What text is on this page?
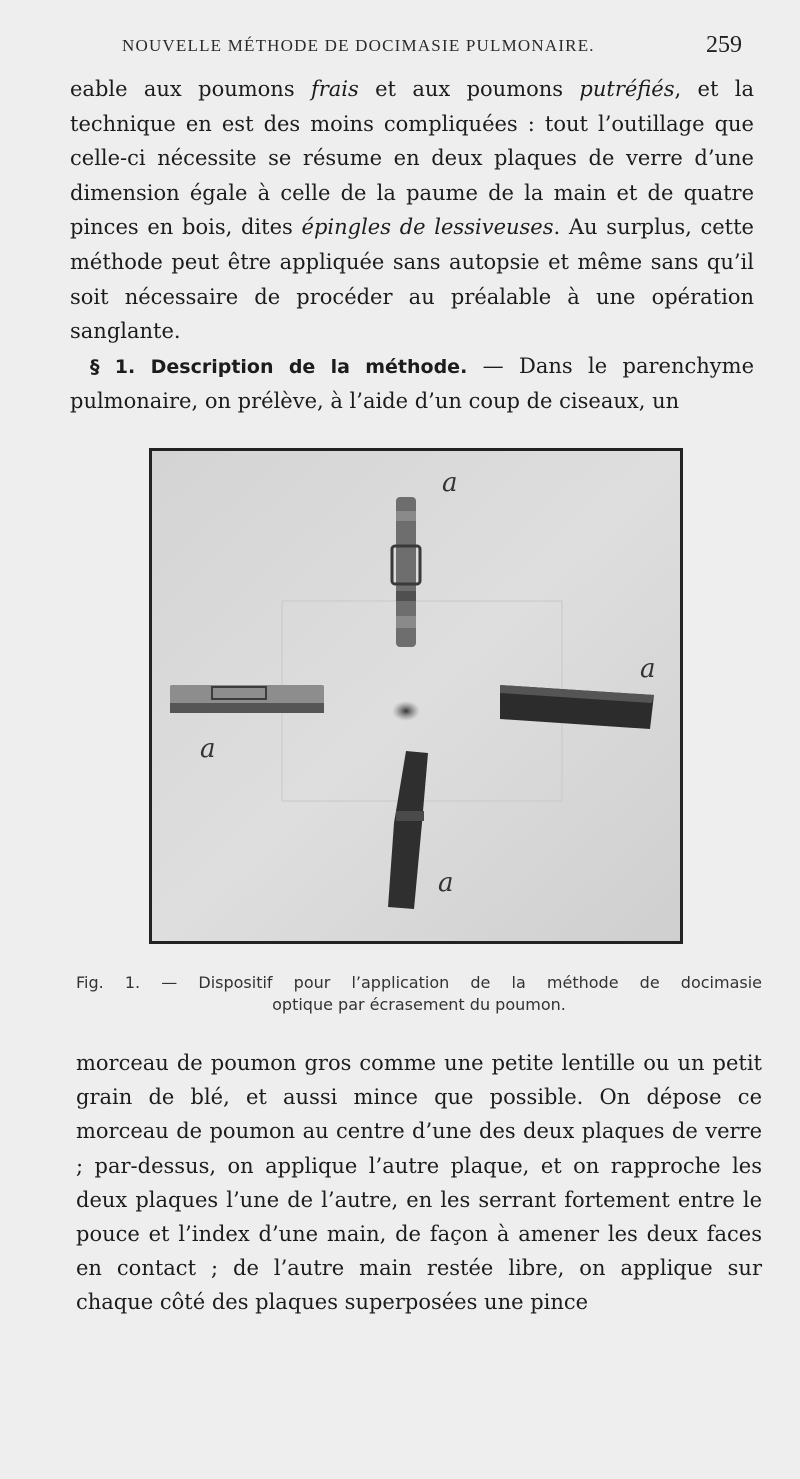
NOUVELLE MÉTHODE DE DOCIMASIE PULMONAIRE.	259

eable aux poumons frais et aux poumons putréfiés, et la technique en est des moins compliquées : tout l’outillage que celle-ci nécessite se résume en deux plaques de verre d’une dimension égale à celle de la paume de la main et de quatre pinces en bois, dites épingles de lessiveuses. Au surplus, cette méthode peut être appliquée sans autopsie et même sans qu’il soit nécessaire de procéder au préalable à une opération sanglante.

§ 1. Description de la méthode. — Dans le parenchyme pulmonaire, on prélève, à l’aide d’un coup de ciseaux, un

a
a
a
a
Fig. 1. — Dispositif pour l’application de la méthode de docimasie
optique par écrasement du poumon.

morceau de poumon gros comme une petite lentille ou un petit grain de blé, et aussi mince que possible. On dépose ce morceau de poumon au centre d’une des deux plaques de verre ; par-dessus, on applique l’autre plaque, et on rapproche les deux plaques l’une de l’autre, en les serrant fortement entre le pouce et l’index d’une main, de façon à amener les deux faces en contact ; de l’autre main restée libre, on applique sur chaque côté des plaques superposées une pince
